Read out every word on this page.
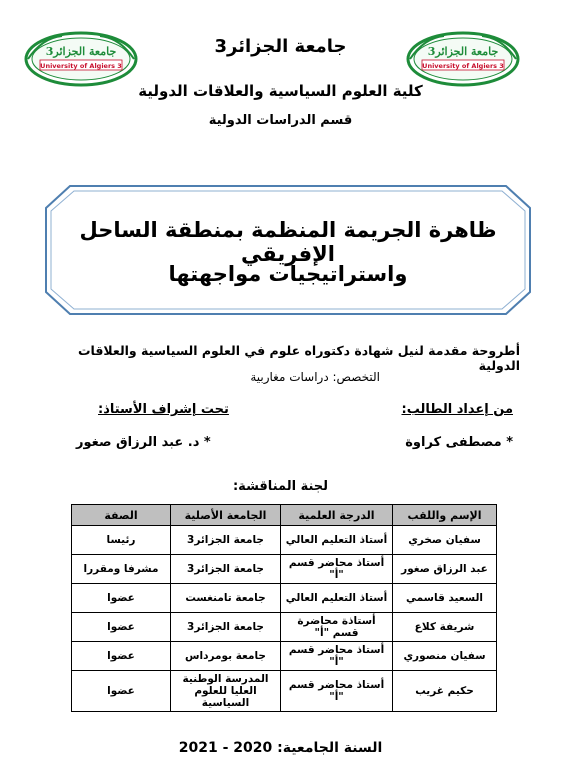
جامعة الجزائر3
University of Algiers 3
جامعة الجزائر3
University of Algiers 3
جامعة الجزائر3
كلية العلوم السياسية والعلاقات الدولية
قسم الدراسات الدولية
ظاهرة الجريمة المنظمة بمنطقة الساحل الإفريقي
واستراتيجيات مواجهتها
أطروحة مقدمة لنيل شهادة دكتوراه علوم في العلوم السياسية والعلاقات الدولية
التخصص: دراسات مغاربية
من إعداد الطالب:
تحت إشراف الأستاذ:
* مصطفى كراوة
* د. عبد الرزاق صغور
لجنة المناقشة:
الإسم واللقب	الدرجة العلمية	الجامعة الأصلية	الصفة
سفيان صخري	أستاذ التعليم العالي	جامعة الجزائر3	رئيسا
عبد الرزاق صغور	أستاذ محاضر قسم "أ"	جامعة الجزائر3	مشرفا ومقررا
السعيد قاسمي	أستاذ التعليم العالي	جامعة تامنغست	عضوا
شريفة كلاع	أستاذة محاضرة قسم "أ"	جامعة الجزائر3	عضوا
سفيان منصوري	أستاذ محاضر قسم "أ"	جامعة بومرداس	عضوا
حكيم غريب	أستاذ محاضر قسم "أ"	المدرسة الوطنية العليا للعلوم السياسية	عضوا
السنة الجامعية: 2020 - 2021
